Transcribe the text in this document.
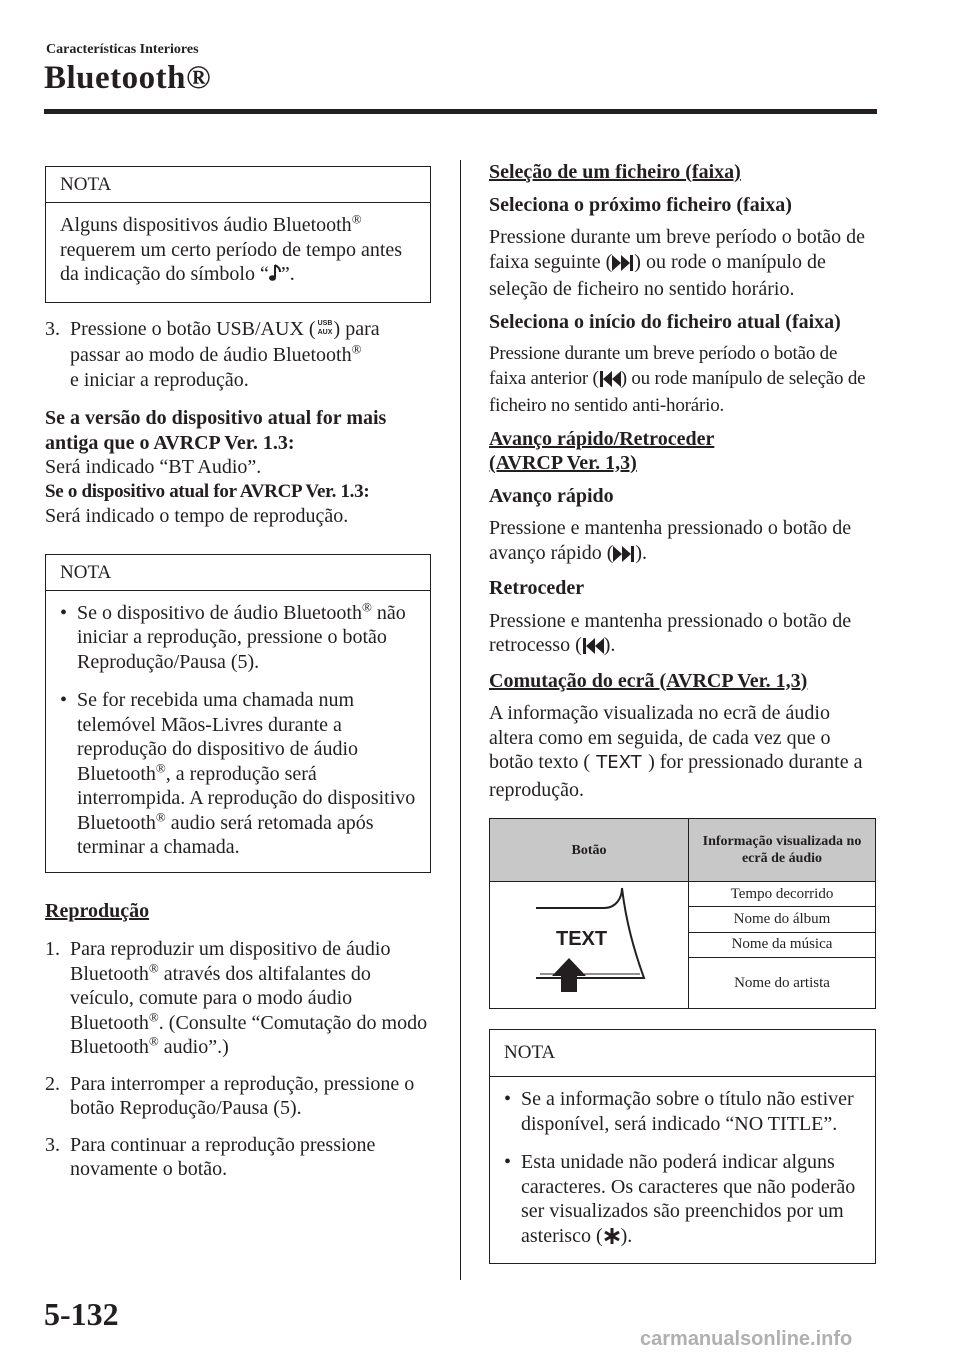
Características Interiores
Bluetooth®
NOTA

Alguns dispositivos áudio Bluetooth® requerem um certo período de tempo antes da indicação do símbolo “ ”.

3. Pressione o botão USB/AUX ( USB
AUX ) para passar ao modo de áudio Bluetooth®
e iniciar a reprodução.

Se a versão do dispositivo atual for mais antiga que o AVRCP Ver. 1.3:

Será indicado “BT Audio”.

Se o dispositivo atual for AVRCP Ver. 1.3:

Será indicado o tempo de reprodução.

NOTA
• Se o dispositivo de áudio Bluetooth® não iniciar a reprodução, pressione o botão Reprodução/Pausa (5).
• Se for recebida uma chamada num telemóvel Mãos-Livres durante a reprodução do dispositivo de áudio Bluetooth®, a reprodução será interrompida. A reprodução do dispositivo Bluetooth® audio será retomada após terminar a chamada.

Reprodução

1. Para reproduzir um dispositivo de áudio Bluetooth® através dos altifalantes do veículo, comute para o modo áudio Bluetooth®. (Consulte “Comutação do modo Bluetooth® audio”.)
2. Para interromper a reprodução, pressione o botão Reprodução/Pausa (5).
3. Para continuar a reprodução pressione novamente o botão.

Seleção de um ficheiro (faixa)

Seleciona o próximo ficheiro (faixa)

Pressione durante um breve período o botão de faixa seguinte ( ) ou rode o manípulo de seleção de ficheiro no sentido horário.

Seleciona o início do ficheiro atual (faixa)

Pressione durante um breve período o botão de faixa anterior ( ) ou rode manípulo de seleção de ficheiro no sentido anti-horário.

Avanço rápido/Retroceder
(AVRCP Ver. 1,3)

Avanço rápido

Pressione e mantenha pressionado o botão de avanço rápido ( ).

Retroceder

Pressione e mantenha pressionado o botão de retrocesso ( ).

Comutação do ecrã (AVRCP Ver. 1,3)

A informação visualizada no ecrã de áudio altera como em seguida, de cada vez que o botão texto ( TEXT ) for pressionado durante a reprodução.

Botão	Informação visualizada no ecrã de áudio

TEXT	Tempo decorrido
	Nome do álbum
	Nome da música
	Nome do artista
NOTA
• Se a informação sobre o título não estiver disponível, será indicado “NO TITLE”.
• Esta unidade não poderá indicar alguns caracteres. Os caracteres que não poderão ser visualizados são preenchidos por um asterisco ( ).
5-132
carmanualsonline.info
